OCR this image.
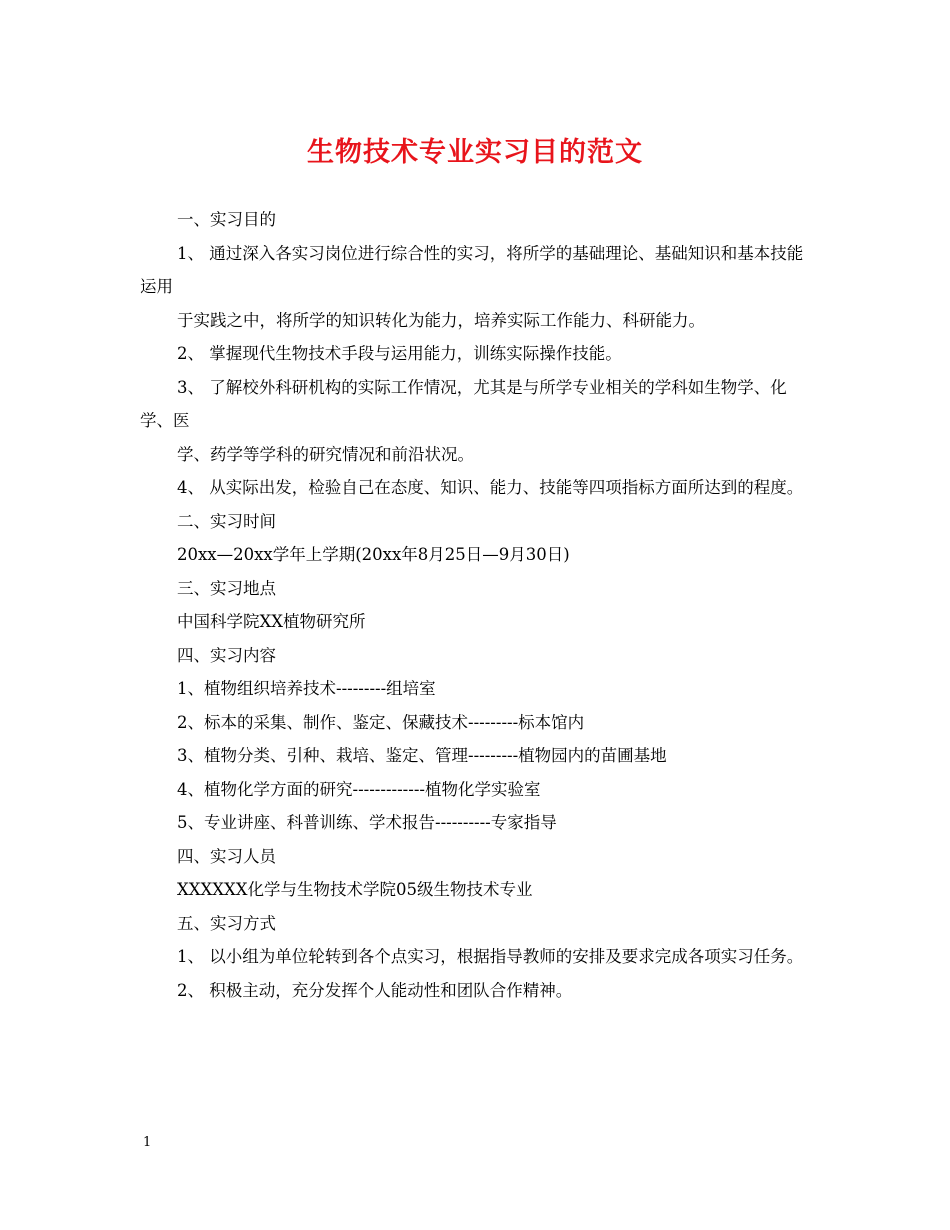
生物技术专业实习目的范文

一、实习目的

1、 通过深入各实习岗位进行综合性的实习，将所学的基础理论、基础知识和基本技能运用

于实践之中，将所学的知识转化为能力，培养实际工作能力、科研能力。

2、 掌握现代生物技术手段与运用能力，训练实际操作技能。

3、 了解校外科研机构的实际工作情况，尤其是与所学专业相关的学科如生物学、化学、医

学、药学等学科的研究情况和前沿状况。

4、 从实际出发，检验自己在态度、知识、能力、技能等四项指标方面所达到的程度。

二、实习时间

20xx—20xx学年上学期(20xx年8月25日—9月30日)

三、实习地点

中国科学院XX植物研究所

四、实习内容

1、植物组织培养技术---------组培室

2、标本的采集、制作、鉴定、保藏技术---------标本馆内

3、植物分类、引种、栽培、鉴定、管理---------植物园内的苗圃基地

4、植物化学方面的研究-------------植物化学实验室

5、专业讲座、科普训练、学术报告----------专家指导

四、实习人员

XXXXXX化学与生物技术学院05级生物技术专业

五、实习方式

1、 以小组为单位轮转到各个点实习，根据指导教师的安排及要求完成各项实习任务。

2、 积极主动，充分发挥个人能动性和团队合作精神。

1
